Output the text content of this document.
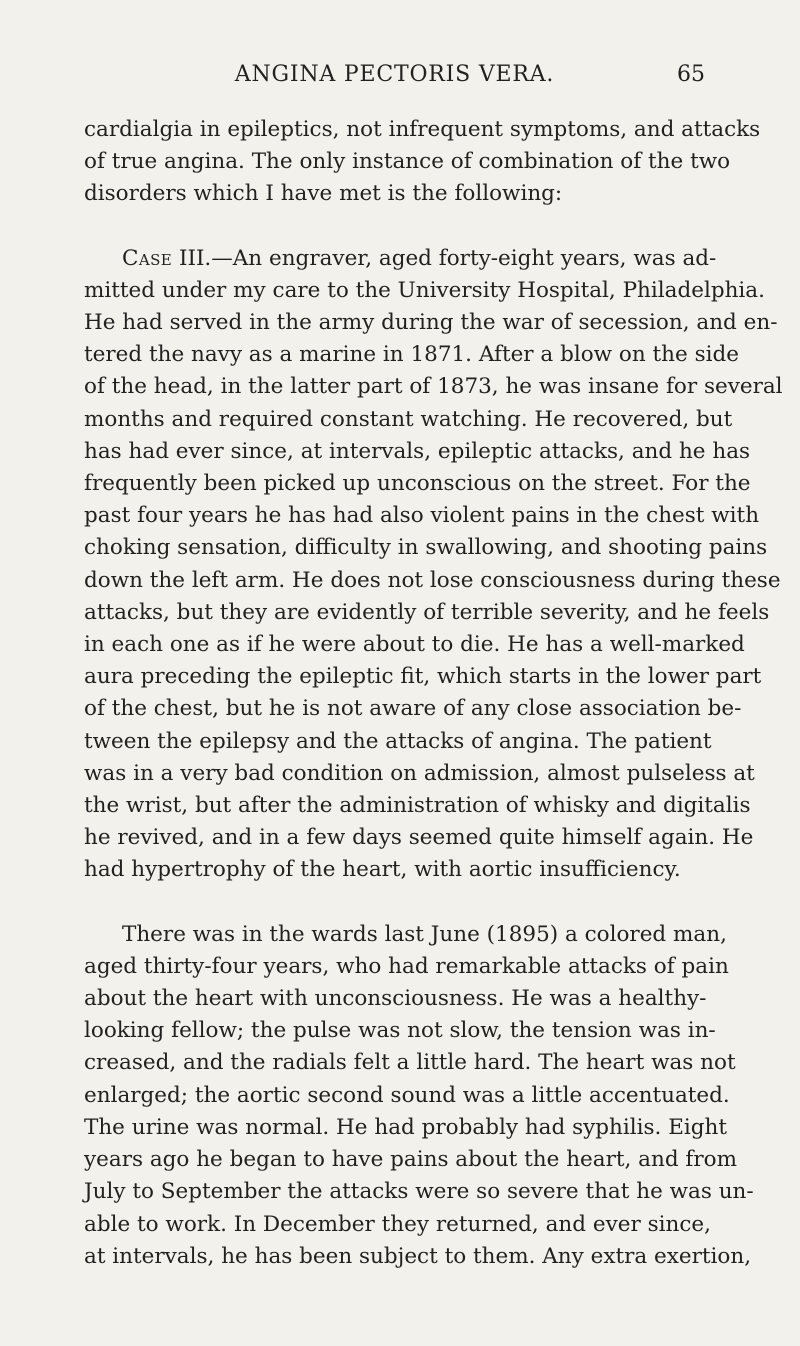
ANGINA PECTORIS VERA.	65
cardialgia in epileptics, not infrequent symptoms, and attacks
of true angina. The only instance of combination of the two
disorders which I have met is the following:
Case III.—An engraver, aged forty-eight years, was ad-
mitted under my care to the University Hospital, Philadelphia.
He had served in the army during the war of secession, and en-
tered the navy as a marine in 1871. After a blow on the side
of the head, in the latter part of 1873, he was insane for several
months and required constant watching. He recovered, but
has had ever since, at intervals, epileptic attacks, and he has
frequently been picked up unconscious on the street. For the
past four years he has had also violent pains in the chest with
choking sensation, difficulty in swallowing, and shooting pains
down the left arm. He does not lose consciousness during these
attacks, but they are evidently of terrible severity, and he feels
in each one as if he were about to die. He has a well-marked
aura preceding the epileptic fit, which starts in the lower part
of the chest, but he is not aware of any close association be-
tween the epilepsy and the attacks of angina. The patient
was in a very bad condition on admission, almost pulseless at
the wrist, but after the administration of whisky and digitalis
he revived, and in a few days seemed quite himself again. He
had hypertrophy of the heart, with aortic insufficiency.
There was in the wards last June (1895) a colored man,
aged thirty-four years, who had remarkable attacks of pain
about the heart with unconsciousness. He was a healthy-
looking fellow; the pulse was not slow, the tension was in-
creased, and the radials felt a little hard. The heart was not
enlarged; the aortic second sound was a little accentuated.
The urine was normal. He had probably had syphilis. Eight
years ago he began to have pains about the heart, and from
July to September the attacks were so severe that he was un-
able to work. In December they returned, and ever since,
at intervals, he has been subject to them. Any extra exertion,
